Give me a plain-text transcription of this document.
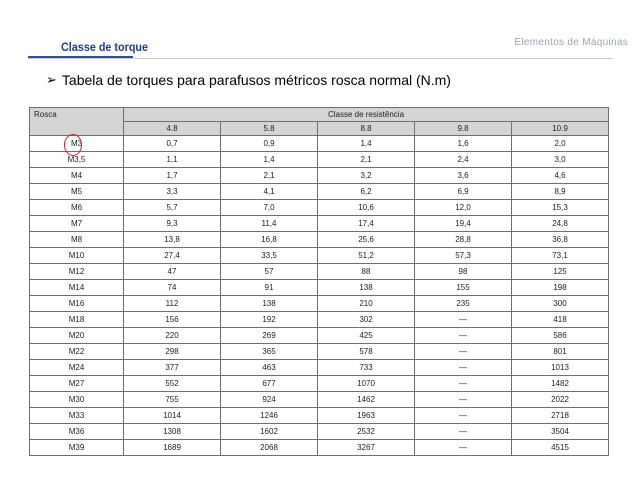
Elementos de Máquinas
Classe de torque
➢ Tabela de torques para parafusos métricos rosca normal (N.m)
Rosca	Classe de resistência				
	4.8	5.8	8.8	9.8	10.9
M3	0,7	0,9	1,4	1,6	2,0
M3,5	1,1	1,4	2,1	2,4	3,0
M4	1,7	2,1	3,2	3,6	4,6
M5	3,3	4,1	6,2	6,9	8,9
M6	5,7	7,0	10,6	12,0	15,3
M7	9,3	11,4	17,4	19,4	24,8
M8	13,8	16,8	25,6	28,8	36,8
M10	27,4	33,5	51,2	57,3	73,1
M12	47	57	88	98	125
M14	74	91	138	155	198
M16	112	138	210	235	300
M18	156	192	302	—	418
M20	220	269	425	—	586
M22	298	365	578	—	801
M24	377	463	733	—	1013
M27	552	677	1070	—	1482
M30	755	924	1462	—	2022
M33	1014	1246	1963	—	2718
M36	1308	1602	2532	—	3504
M39	1689	2068	3267	—	4515
